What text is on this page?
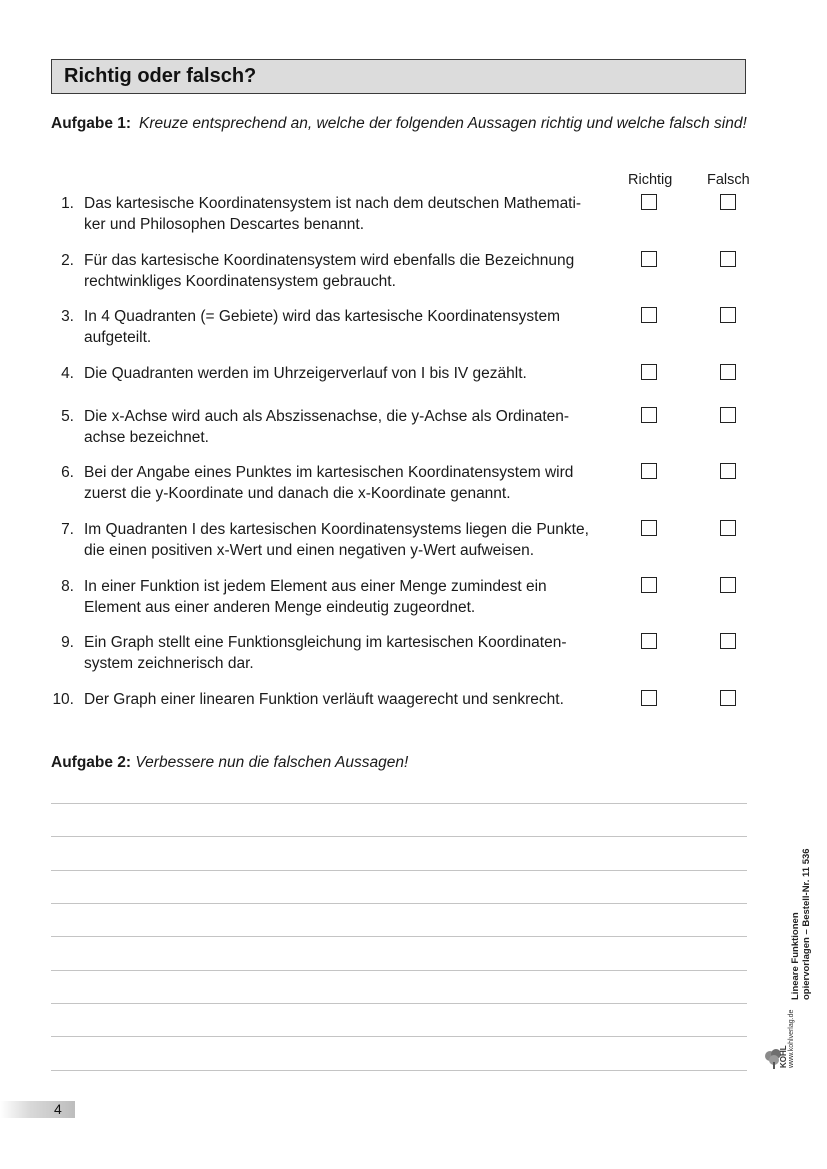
Richtig oder falsch?
Aufgabe 1: Kreuze entsprechend an, welche der folgenden Aussagen richtig und welche falsch sind!
Richtig Falsch
1. Das kartesische Koordinatensystem ist nach dem deutschen Mathemati-
ker und Philosophen Descartes benannt.
2. Für das kartesische Koordinatensystem wird ebenfalls die Bezeichnung
rechtwinkliges Koordinatensystem gebraucht.
3. In 4 Quadranten (= Gebiete) wird das kartesische Koordinatensystem
aufgeteilt.
4. Die Quadranten werden im Uhrzeigerverlauf von I bis IV gezählt.
5. Die x-Achse wird auch als Abszissenachse, die y-Achse als Ordinaten-
achse bezeichnet.
6. Bei der Angabe eines Punktes im kartesischen Koordinatensystem wird
zuerst die y-Koordinate und danach die x-Koordinate genannt.
7. Im Quadranten I des kartesischen Koordinatensystems liegen die Punkte,
die einen positiven x-Wert und einen negativen y-Wert aufweisen.
8. In einer Funktion ist jedem Element aus einer Menge zumindest ein
Element aus einer anderen Menge eindeutig zugeordnet.
9. Ein Graph stellt eine Funktionsgleichung im kartesischen Koordinaten-
system zeichnerisch dar.
10. Der Graph einer linearen Funktion verläuft waagerecht und senkrecht.
Aufgabe 2: Verbessere nun die falschen Aussagen!
Lineare Funktionen opiervorlagen – Bestell-Nr. 11 536
KOHL www.kohlverlag.de
4
